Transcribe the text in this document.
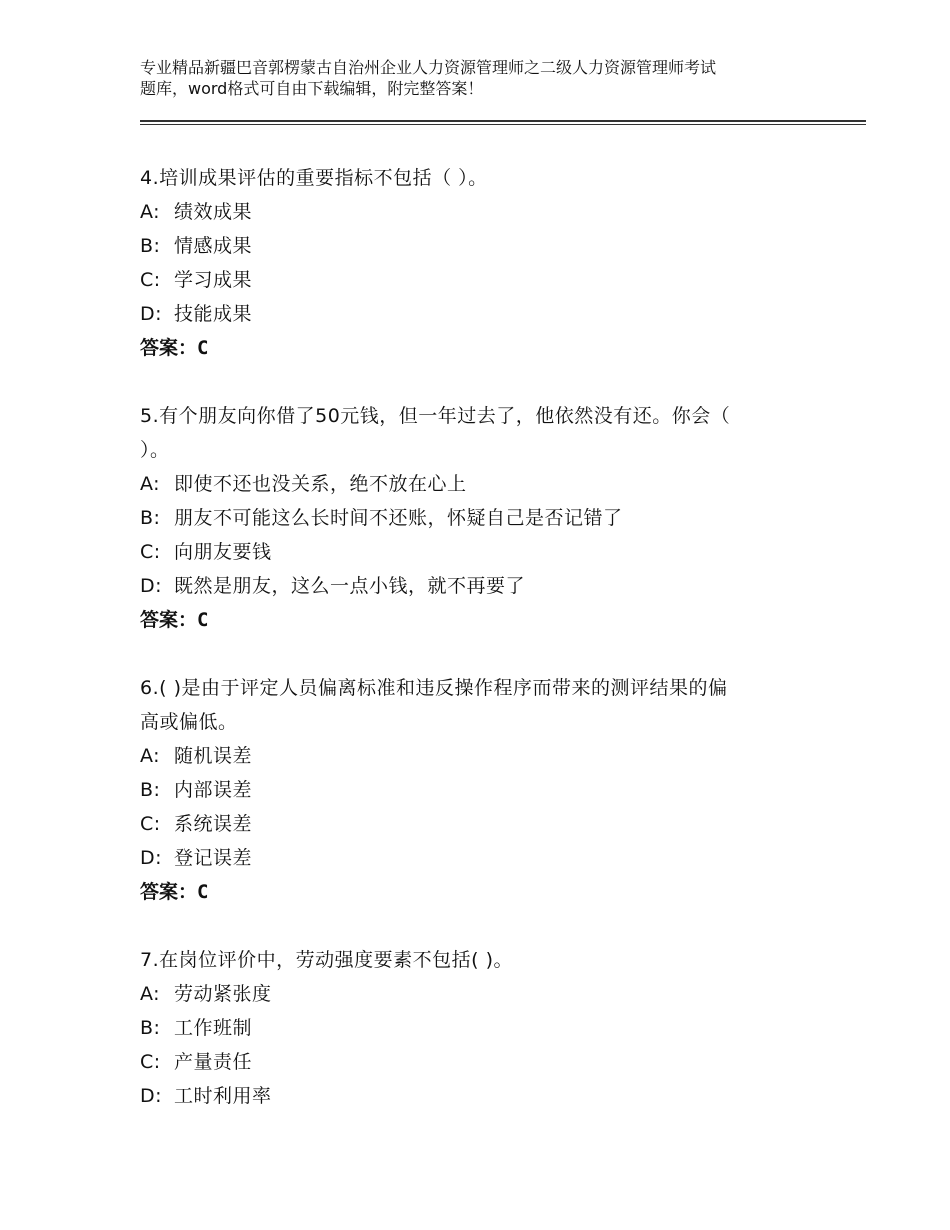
专业精品新疆巴音郭楞蒙古自治州企业人力资源管理师之二级人力资源管理师考试
题库，word格式可自由下载编辑，附完整答案！
4.培训成果评估的重要指标不包括（ ）。
A: 绩效成果
B: 情感成果
C: 学习成果
D: 技能成果
答案：C
5.有个朋友向你借了50元钱，但一年过去了，他依然没有还。你会（
）。
A: 即使不还也没关系，绝不放在心上
B: 朋友不可能这么长时间不还账，怀疑自己是否记错了
C: 向朋友要钱
D: 既然是朋友，这么一点小钱，就不再要了
答案：C
6.( )是由于评定人员偏离标准和违反操作程序而带来的测评结果的偏
高或偏低。
A: 随机误差
B: 内部误差
C: 系统误差
D: 登记误差
答案：C
7.在岗位评价中，劳动强度要素不包括( )。
A: 劳动紧张度
B: 工作班制
C: 产量责任
D: 工时利用率
